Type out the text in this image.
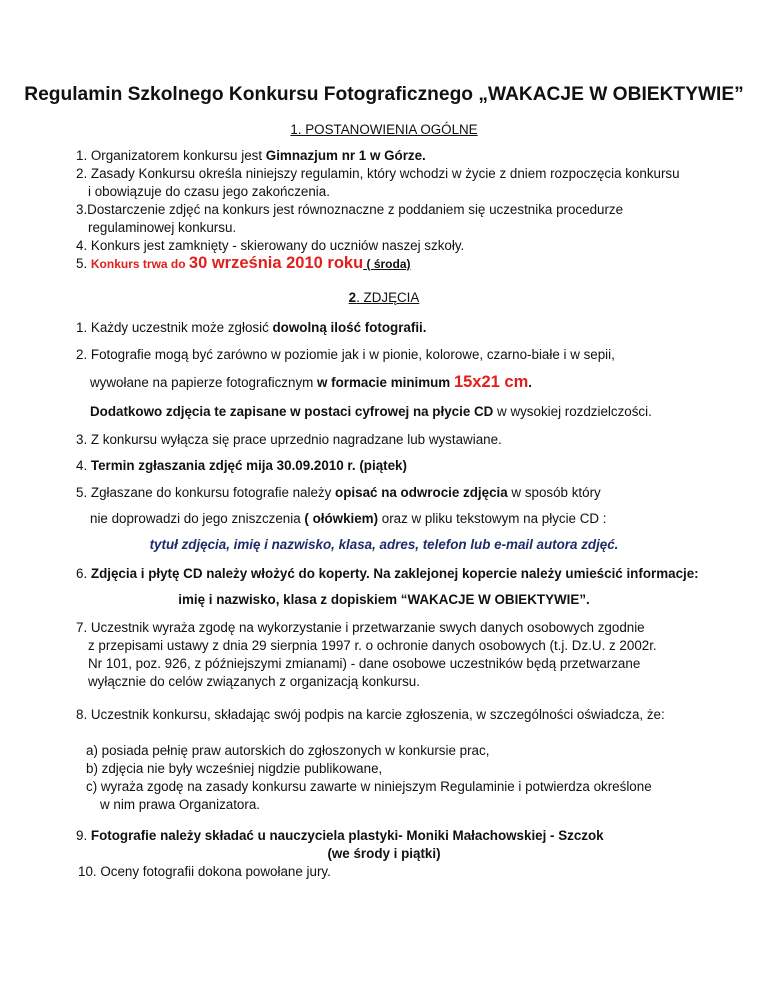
Regulamin Szkolnego Konkursu Fotograficznego „WAKACJE W OBIEKTYWIE”
1. POSTANOWIENIA OGÓLNE
1. Organizatorem konkursu jest Gimnazjum nr 1 w Górze.
2. Zasady Konkursu określa niniejszy regulamin, który wchodzi w życie z dniem rozpoczęcia konkursu
i obowiązuje do czasu jego zakończenia.
3.Dostarczenie zdjęć na konkurs jest równoznaczne z poddaniem się uczestnika procedurze
regulaminowej konkursu.
4. Konkurs jest zamknięty - skierowany do uczniów naszej szkoły.
5. Konkurs trwa do 30 września 2010 roku ( środa)
2. ZDJĘCIA
1. Każdy uczestnik może zgłosić dowolną ilość fotografii.
2. Fotografie mogą być zarówno w poziomie jak i w pionie, kolorowe, czarno-białe i w sepii,
wywołane na papierze fotograficznym w formacie minimum 15x21 cm.
Dodatkowo zdjęcia te zapisane w postaci cyfrowej na płycie CD w wysokiej rozdzielczości.
3. Z konkursu wyłącza się prace uprzednio nagradzane lub wystawiane.
4. Termin zgłaszania zdjęć mija 30.09.2010 r. (piątek)
5. Zgłaszane do konkursu fotografie należy opisać na odwrocie zdjęcia w sposób który
nie doprowadzi do jego zniszczenia ( ołówkiem) oraz w pliku tekstowym na płycie CD :
tytuł zdjęcia, imię i nazwisko, klasa, adres, telefon lub e-mail autora zdjęć.
6. Zdjęcia i płytę CD należy włożyć do koperty. Na zaklejonej kopercie należy umieścić informacje:
imię i nazwisko, klasa z dopiskiem “WAKACJE W OBIEKTYWIE”.
7. Uczestnik wyraża zgodę na wykorzystanie i przetwarzanie swych danych osobowych zgodnie
z przepisami ustawy z dnia 29 sierpnia 1997 r. o ochronie danych osobowych (t.j. Dz.U. z 2002r.
Nr 101, poz. 926, z późniejszymi zmianami) - dane osobowe uczestników będą przetwarzane
wyłącznie do celów związanych z organizacją konkursu.
8. Uczestnik konkursu, składając swój podpis na karcie zgłoszenia, w szczególności oświadcza, że:
a) posiada pełnię praw autorskich do zgłoszonych w konkursie prac,
b) zdjęcia nie były wcześniej nigdzie publikowane,
c) wyraża zgodę na zasady konkursu zawarte w niniejszym Regulaminie i potwierdza określone
w nim prawa Organizatora.
9. Fotografie należy składać u nauczyciela plastyki- Moniki Małachowskiej - Szczok
(we środy i piątki)
10. Oceny fotografii dokona powołane jury.
